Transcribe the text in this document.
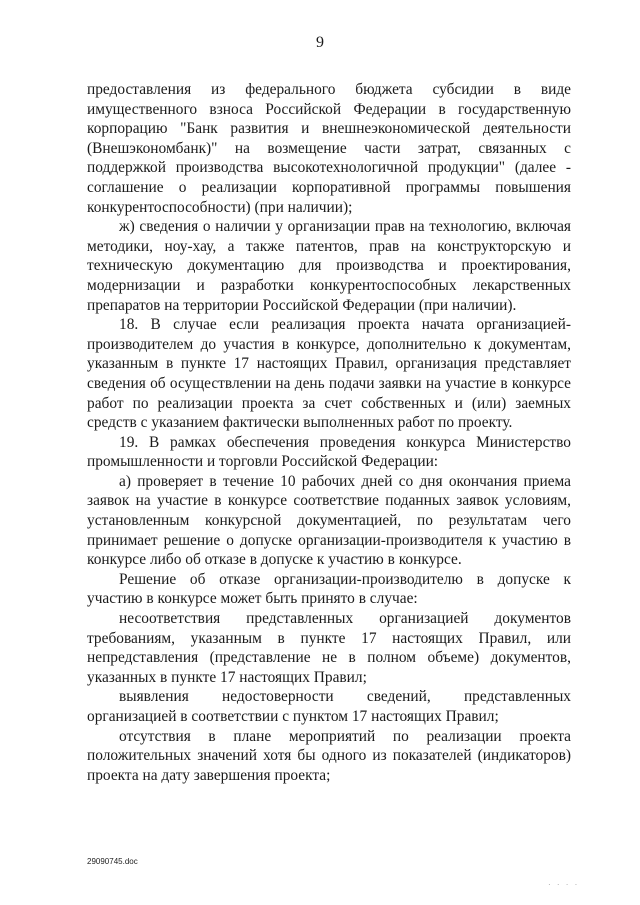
9

предоставления из федерального бюджета субсидии в виде имущественного взноса Российской Федерации в государственную корпорацию "Банк развития и внешнеэкономической деятельности (Внешэкономбанк)" на возмещение части затрат, связанных с поддержкой производства высокотехнологичной продукции" (далее - соглашение о реализации корпоративной программы повышения конкурентоспособности) (при наличии);

ж) сведения о наличии у организации прав на технологию, включая методики, ноу-хау, а также патентов, прав на конструкторскую и техническую документацию для производства и проектирования, модернизации и разработки конкурентоспособных лекарственных препаратов на территории Российской Федерации (при наличии).

18. В случае если реализация проекта начата организацией-производителем до участия в конкурсе, дополнительно к документам, указанным в пункте 17 настоящих Правил, организация представляет сведения об осуществлении на день подачи заявки на участие в конкурсе работ по реализации проекта за счет собственных и (или) заемных средств с указанием фактически выполненных работ по проекту.

19. В рамках обеспечения проведения конкурса Министерство промышленности и торговли Российской Федерации:

а) проверяет в течение 10 рабочих дней со дня окончания приема заявок на участие в конкурсе соответствие поданных заявок условиям, установленным конкурсной документацией, по результатам чего принимает решение о допуске организации-производителя к участию в конкурсе либо об отказе в допуске к участию в конкурсе.

Решение об отказе организации-производителю в допуске к участию в конкурсе может быть принято в случае:

несоответствия представленных организацией документов требованиям, указанным в пункте 17 настоящих Правил, или непредставления (представление не в полном объеме) документов, указанных в пункте 17 настоящих Правил;

выявления недостоверности сведений, представленных организацией в соответствии с пунктом 17 настоящих Правил;

отсутствия в плане мероприятий по реализации проекта положительных значений хотя бы одного из показателей (индикаторов) проекта на дату завершения проекта;

29090745.doc
· · · ·
